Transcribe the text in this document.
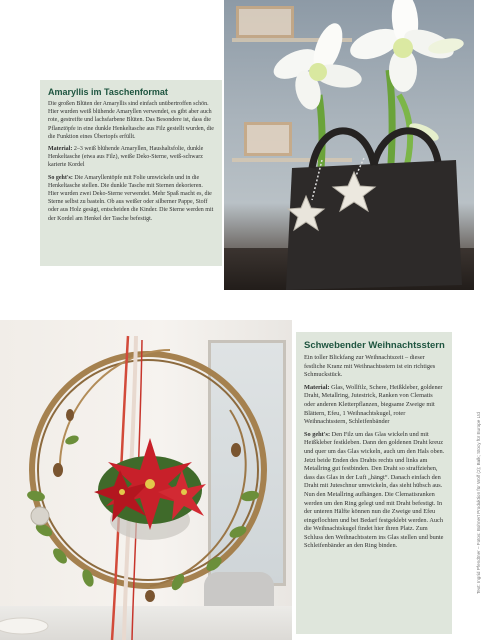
Amaryllis im Taschenformat

Die großen Blüten der Amaryllis sind einfach unübertroffen schön. Hier wurden weiß blühende Amaryllen verwendet, es gibt aber auch rote, gestreifte und lachsfarbene Blüten. Das Besondere ist, dass die Pflanztöpfe in eine dunkle Henkeltasche aus Filz gestellt wurden, die die Funktion eines Übertopfs erfüllt.

Material: 2–3 weiß blühende Amaryllen, Haushaltsfolie, dunkle Henkeltasche (etwa aus Filz), weiße Deko-Sterne, weiß-schwarz karierte Kordel

So geht's: Die Amaryllentöpfe mit Folie umwickeln und in die Henkeltasche stellen. Die dunkle Tasche mit Sternen dekorieren. Hier wurden zwei Deko-Sterne verwendet. Mehr Spaß macht es, die Sterne selbst zu basteln. Ob aus weißer oder silberner Pappe, Stoff oder aus Holz gesägt, entscheiden die Kinder. Die Sterne werden mit der Kordel am Henkel der Tasche befestigt.

Schwebender Weihnachtsstern

Ein toller Blickfang zur Weihnachtszeit – dieser festliche Kranz mit Weihnachtsstern ist ein richtiges Schmuckstück.

Material: Glas, Wollfilz, Schere, Heißkleber, goldener Draht, Metallring, Jutestrick, Ranken von Clematis oder anderen Kletterpflanzen, biegsame Zweige mit Blättern, Efeu, 1 Weihnachtskugel, roter Weihnachtsstern, Schleifenbänder

So geht's: Den Filz um das Glas wickeln und mit Heißkleber festkleben. Dann den goldenen Draht kreuz und quer um das Glas wickeln, auch um den Hals oben. Jetzt beide Enden des Drahts rechts und links am Metallring gut festbinden. Den Draht so straffziehen, dass das Glas in der Luft „hängt“. Danach einfach den Draht mit Juteschnur umwickeln, das sieht hübsch aus. Nun den Metallring aufhängen. Die Clematisranken werden um den Ring gelegt und mit Draht befestigt. In der unteren Hälfte können nun die Zweige und Efeu eingeflochten und bei Bedarf festgeklebt werden. Auch die Weihnachtskugel findet hier ihren Platz. Zum Schluss den Weihnachtsstern ins Glas stellen und bunte Schleifenbänder an den Ring binden.	Text: Ingrid Pfendtner – Fotos: Bohnert Produktion für Wolf (2); Balk; Stocy für Europe Ltd
